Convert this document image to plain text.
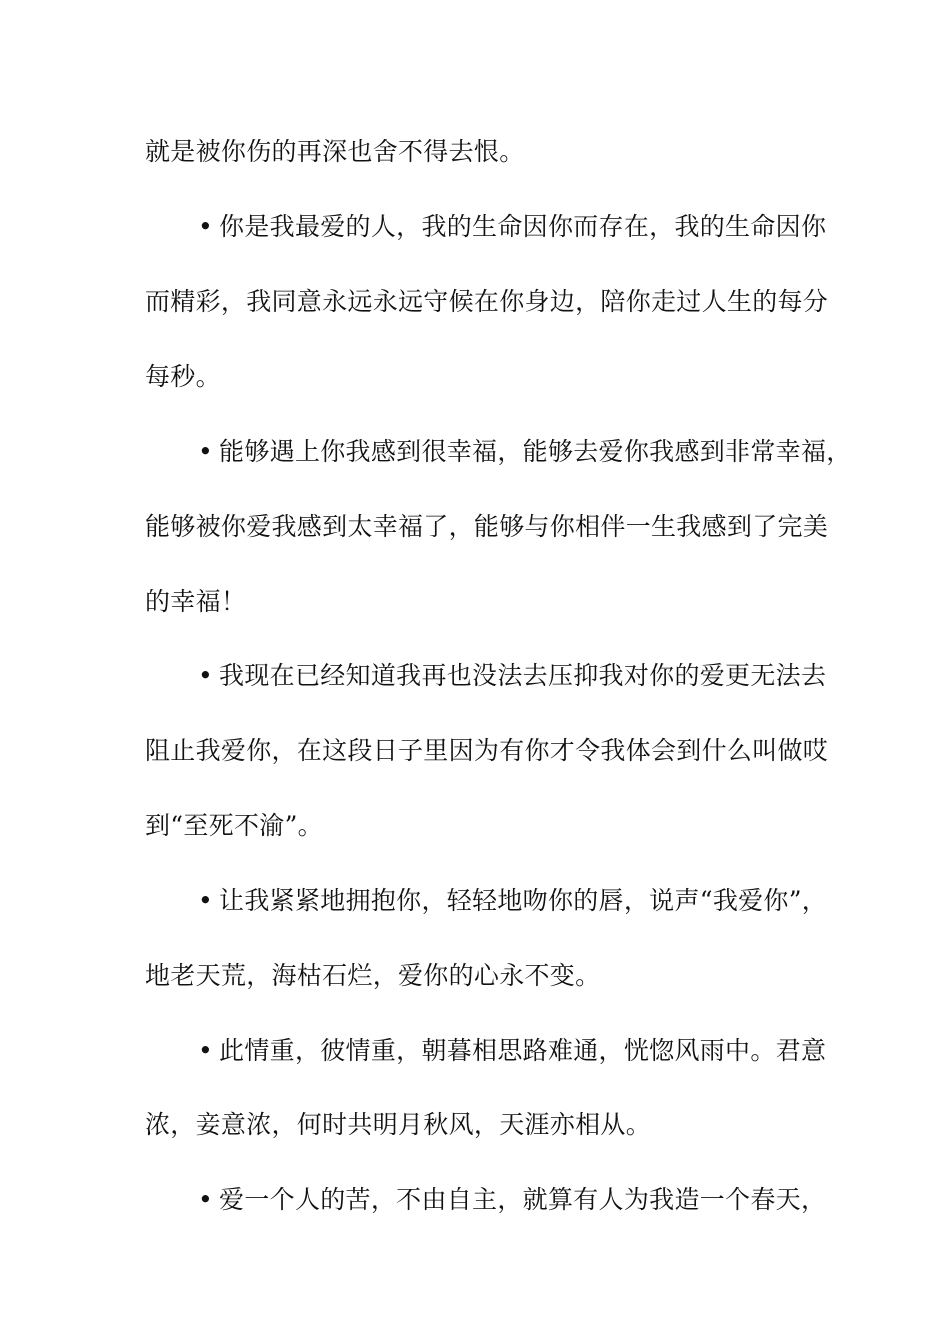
就是被你伤的再深也舍不得去恨。
• 你是我最爱的人，我的生命因你而存在，我的生命因你
而精彩，我同意永远永远守候在你身边，陪你走过人生的每分
每秒。
• 能够遇上你我感到很幸福，能够去爱你我感到非常幸福，
能够被你爱我感到太幸福了，能够与你相伴一生我感到了完美
的幸福！
• 我现在已经知道我再也没法去压抑我对你的爱更无法去
阻止我爱你，在这段日子里因为有你才令我体会到什么叫做哎
到“至死不渝”。
• 让我紧紧地拥抱你，轻轻地吻你的唇，说声“我爱你”，
地老天荒，海枯石烂，爱你的心永不变。
• 此情重，彼情重，朝暮相思路难通，恍惚风雨中。君意
浓，妾意浓，何时共明月秋风，天涯亦相从。
• 爱一个人的苦，不由自主，就算有人为我造一个春天，
